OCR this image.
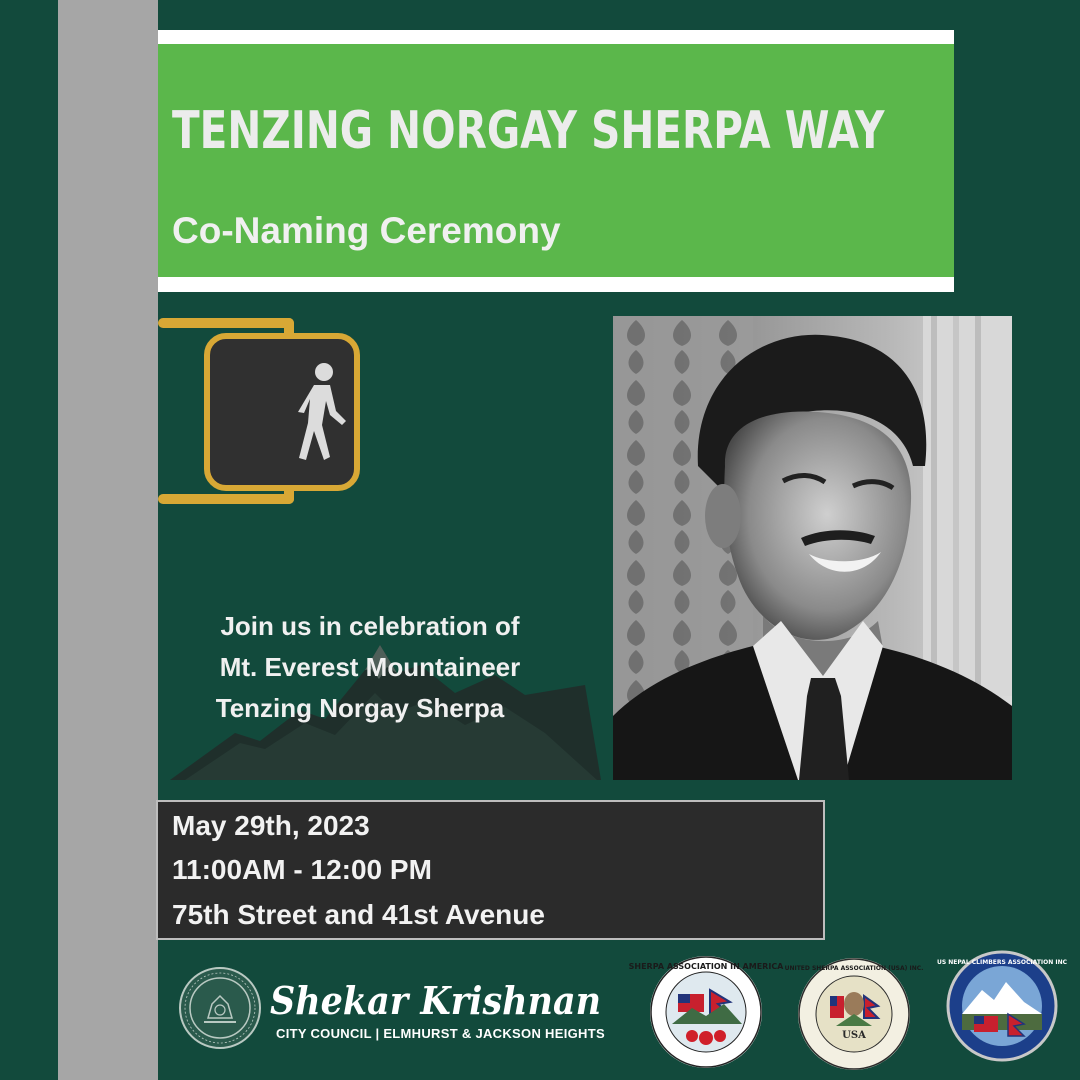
TENZING NORGAY SHERPA WAY
Co-Naming Ceremony
Join us in celebration of
Mt. Everest Mountaineer
Tenzing Norgay Sherpa
May 29th, 2023
11:00AM - 12:00 PM
75th Street and 41st Avenue
Shekar Krishnan
CITY COUNCIL | ELMHURST & JACKSON HEIGHTS
SHERPA ASSOCIATION IN AMERICA
USA
UNITED SHERPA ASSOCIATION (USA) INC.
US NEPAL CLIMBERS ASSOCIATION INC
